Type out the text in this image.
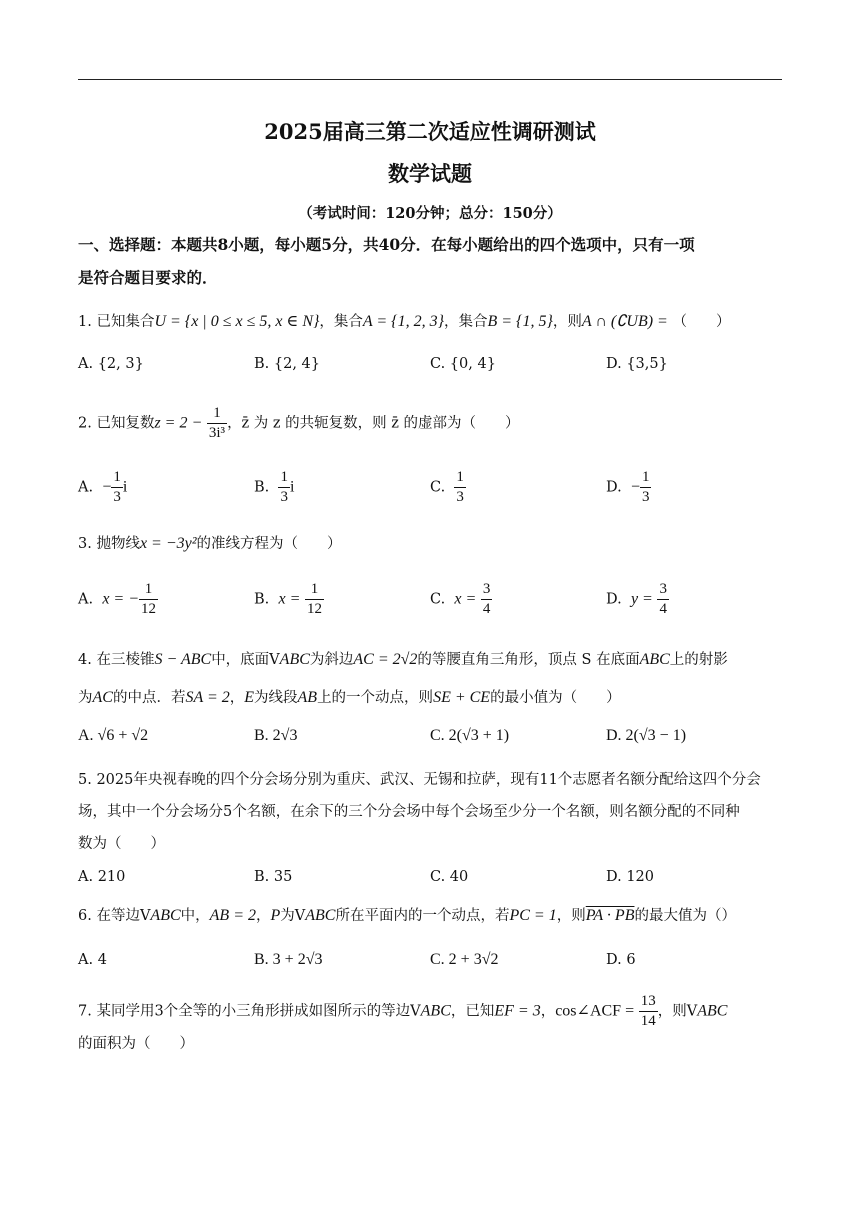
2025届高三第二次适应性调研测试
数学试题
（考试时间：120分钟；总分：150分）
一、选择题：本题共8小题，每小题5分，共40分．在每小题给出的四个选项中，只有一项
是符合题目要求的．
1. 已知集合U = {x | 0 ≤ x ≤ 5, x ∈ N}，集合A = {1, 2, 3}，集合B = {1, 5}，则A ∩ (∁UB) = （　　）
A. {2, 3}	B. {2, 4}	C. {0, 4}	D. {3,5}
2. 已知复数$z = 2 - \frac{1}{\text{3i³}}$ ，z̄ 为 z 的共轭复数，则 z̄ 的虚部为（　　）
A. − $\frac{1}{3}$ i	B. $\frac{1}{3}$ i	C. $\frac{1}{3}$	D. − $\frac{1}{3}$
3. 抛物线x = −3y²的准线方程为（　　）
A. x = − $\frac{1}{12}$	B. $x = \frac{1}{12}$	C. $x = \frac{3}{4}$	D. $y = \frac{3}{4}$
4. 在三棱锥S − ABC中，底面VABC为斜边AC = 2√2的等腰直角三角形，顶点 S 在底面ABC上的射影
为AC的中点．若SA = 2，E为线段AB上的一个动点，则SE + CE的最小值为（　　）
A. √6 + √2	B. 2√3	C. 2(√3 + 1)	D. 2(√3 − 1)
5. 2025年央视春晚的四个分会场分别为重庆、武汉、无锡和拉萨，现有11个志愿者名额分配给这四个分会
场，其中一个分会场分5个名额，在余下的三个分会场中每个会场至少分一个名额，则名额分配的不同种
数为（　　）
A. 210	B. 35	C. 40	D. 120
6. 在等边VABC中，AB = 2，P为VABC所在平面内的一个动点，若PC = 1，则PA · PB的最大值为（）
A. 4	B. 3 + 2√3	C. 2 + 3√2	D. 6
7. 某同学用3个全等的小三角形拼成如图所示的等边VABC，已知EF = 3，cos∠ACF = $\frac{13}{14}$ ，则VABC
的面积为（　　）
